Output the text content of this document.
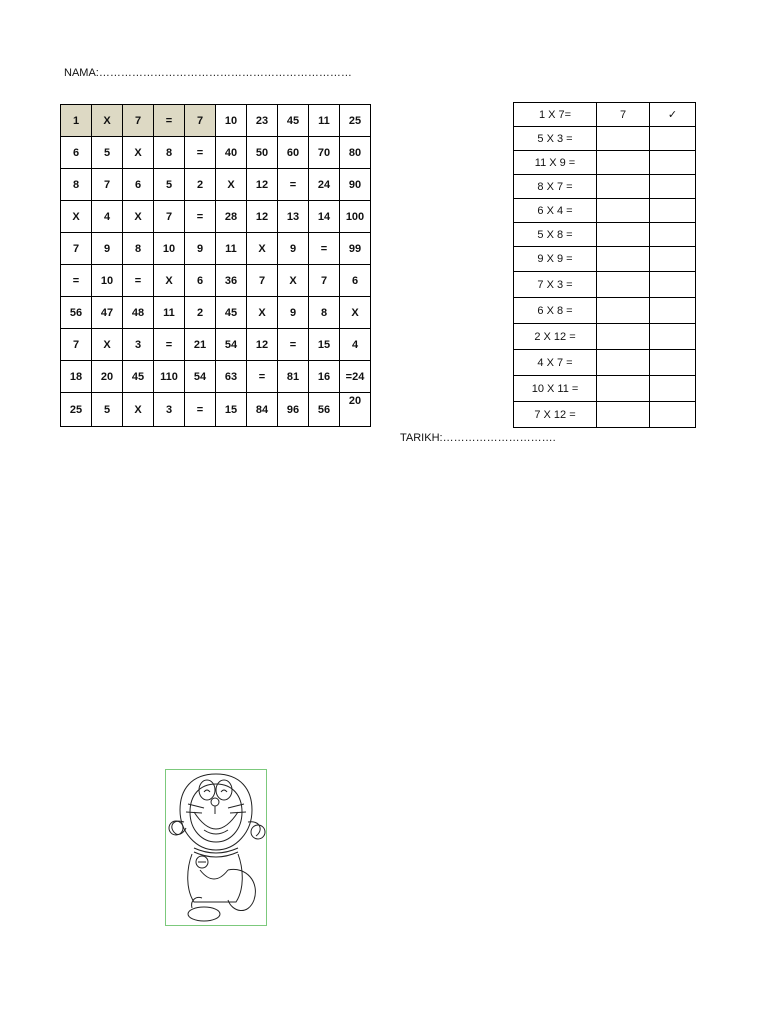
NAMA:……………………………………………………………
1	X	7	=	7	10	23	45	11	25
6	5	X	8	=	40	50	60	70	80
8	7	6	5	2	X	12	=	24	90
X	4	X	7	=	28	12	13	14	100
7	9	8	10	9	11	X	9	=	99
=	10	=	X	6	36	7	X	7	6
56	47	48	11	2	45	X	9	8	X
7	X	3	=	21	54	12	=	15	4
18	20	45	110	54	63	=	81	16	=24
25	5	X	3	=	15	84	96	56	20
1 X 7=	7	✓
5 X 3 =		
11 X 9 =		
8 X 7 =		
6 X 4 =		
5 X 8 =		
9 X 9 =		
7 X 3 =		
6 X 8 =		
2 X 12 =		
4 X 7 =		
10 X 11 =		
7 X 12 =		
TARIKH:………………………….
